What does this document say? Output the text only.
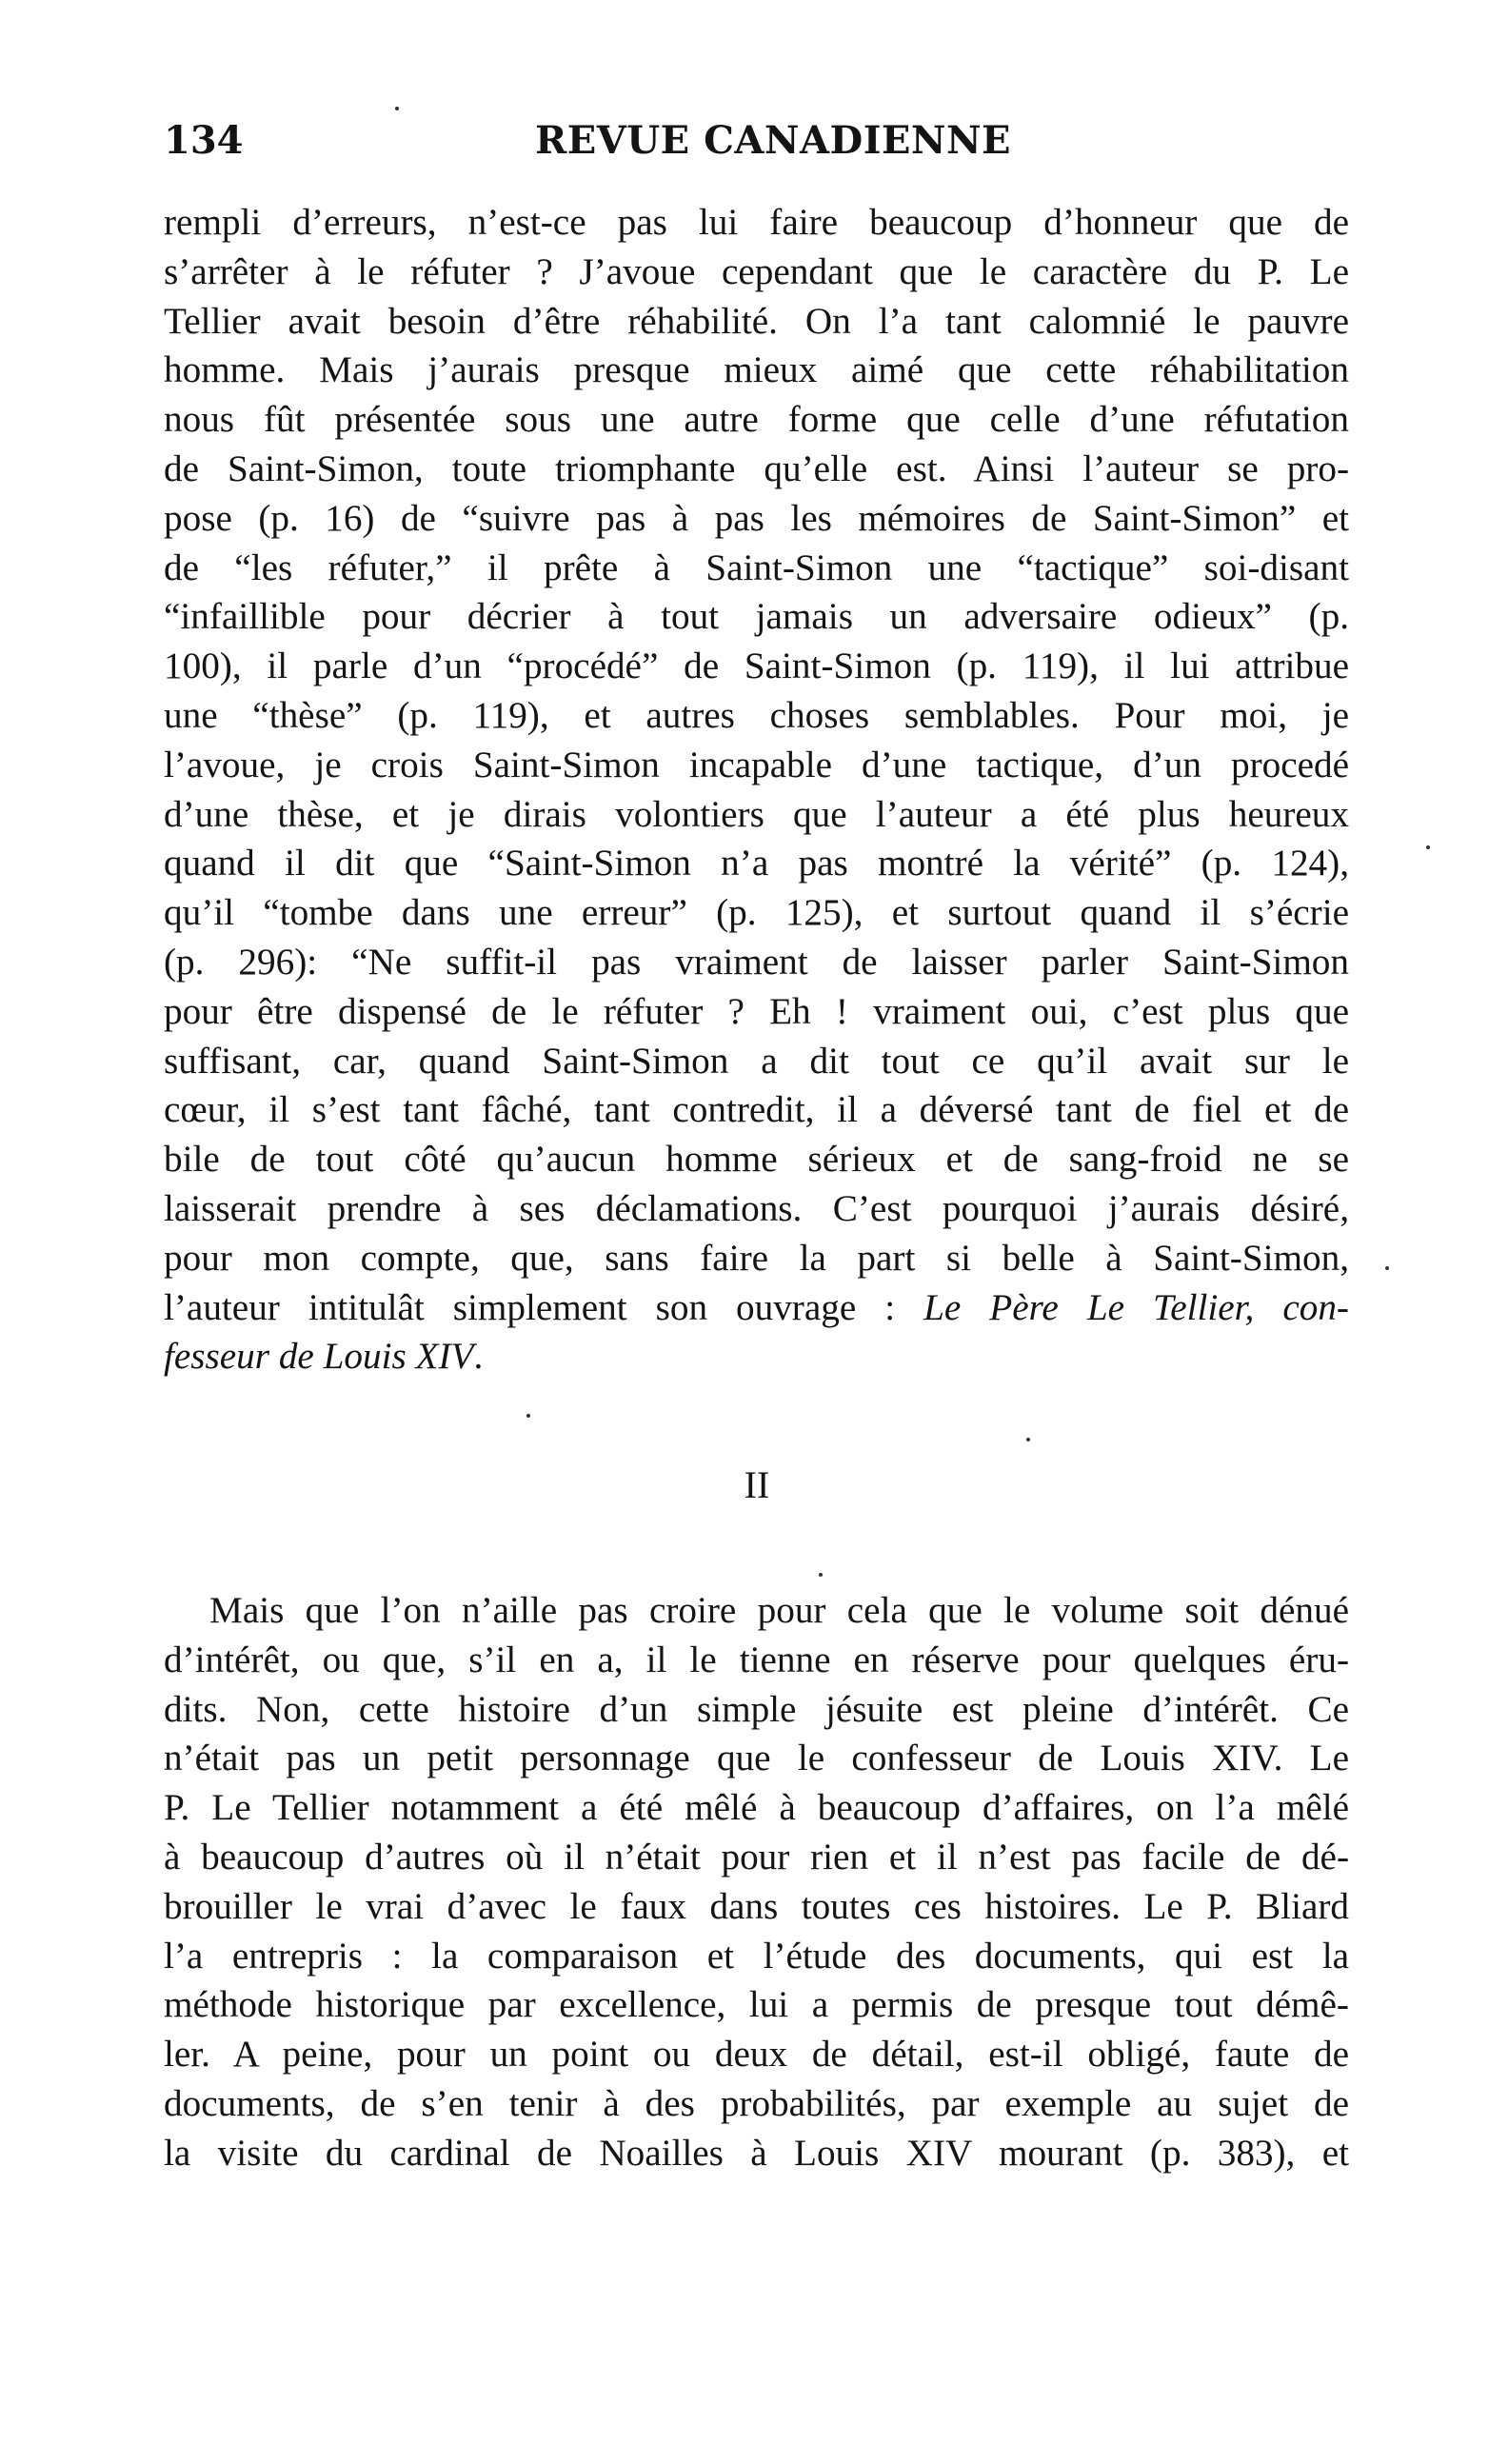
134	REVUE CANADIENNE
rempli d’erreurs, n’est-ce pas lui faire beaucoup d’honneur que de
s’arrêter à le réfuter ? J’avoue cependant que le caractère du P. Le
Tellier avait besoin d’être réhabilité. On l’a tant calomnié le pauvre
homme. Mais j’aurais presque mieux aimé que cette réhabilitation
nous fût présentée sous une autre forme que celle d’une réfutation
de Saint-Simon, toute triomphante qu’elle est. Ainsi l’auteur se pro-
pose (p. 16) de “suivre pas à pas les mémoires de Saint-Simon” et
de “les réfuter,” il prête à Saint-Simon une “tactique” soi-disant
“infaillible pour décrier à tout jamais un adversaire odieux” (p.
100), il parle d’un “procédé” de Saint-Simon (p. 119), il lui attribue
une “thèse” (p. 119), et autres choses semblables. Pour moi, je
l’avoue, je crois Saint-Simon incapable d’une tactique, d’un procedé
d’une thèse, et je dirais volontiers que l’auteur a été plus heureux
quand il dit que “Saint-Simon n’a pas montré la vérité” (p. 124),
qu’il “tombe dans une erreur” (p. 125), et surtout quand il s’écrie
(p. 296): “Ne suffit-il pas vraiment de laisser parler Saint-Simon
pour être dispensé de le réfuter ? Eh ! vraiment oui, c’est plus que
suffisant, car, quand Saint-Simon a dit tout ce qu’il avait sur le
cœur, il s’est tant fâché, tant contredit, il a déversé tant de fiel et de
bile de tout côté qu’aucun homme sérieux et de sang-froid ne se
laisserait prendre à ses déclamations. C’est pourquoi j’aurais désiré,
pour mon compte, que, sans faire la part si belle à Saint-Simon,
l’auteur intitulât simplement son ouvrage : Le Père Le Tellier, con-
fesseur de Louis XIV.
II
Mais que l’on n’aille pas croire pour cela que le volume soit dénué
d’intérêt, ou que, s’il en a, il le tienne en réserve pour quelques éru-
dits. Non, cette histoire d’un simple jésuite est pleine d’intérêt. Ce
n’était pas un petit personnage que le confesseur de Louis XIV. Le
P. Le Tellier notamment a été mêlé à beaucoup d’affaires, on l’a mêlé
à beaucoup d’autres où il n’était pour rien et il n’est pas facile de dé-
brouiller le vrai d’avec le faux dans toutes ces histoires. Le P. Bliard
l’a entrepris : la comparaison et l’étude des documents, qui est la
méthode historique par excellence, lui a permis de presque tout démê-
ler. A peine, pour un point ou deux de détail, est-il obligé, faute de
documents, de s’en tenir à des probabilités, par exemple au sujet de
la visite du cardinal de Noailles à Louis XIV mourant (p. 383), et
